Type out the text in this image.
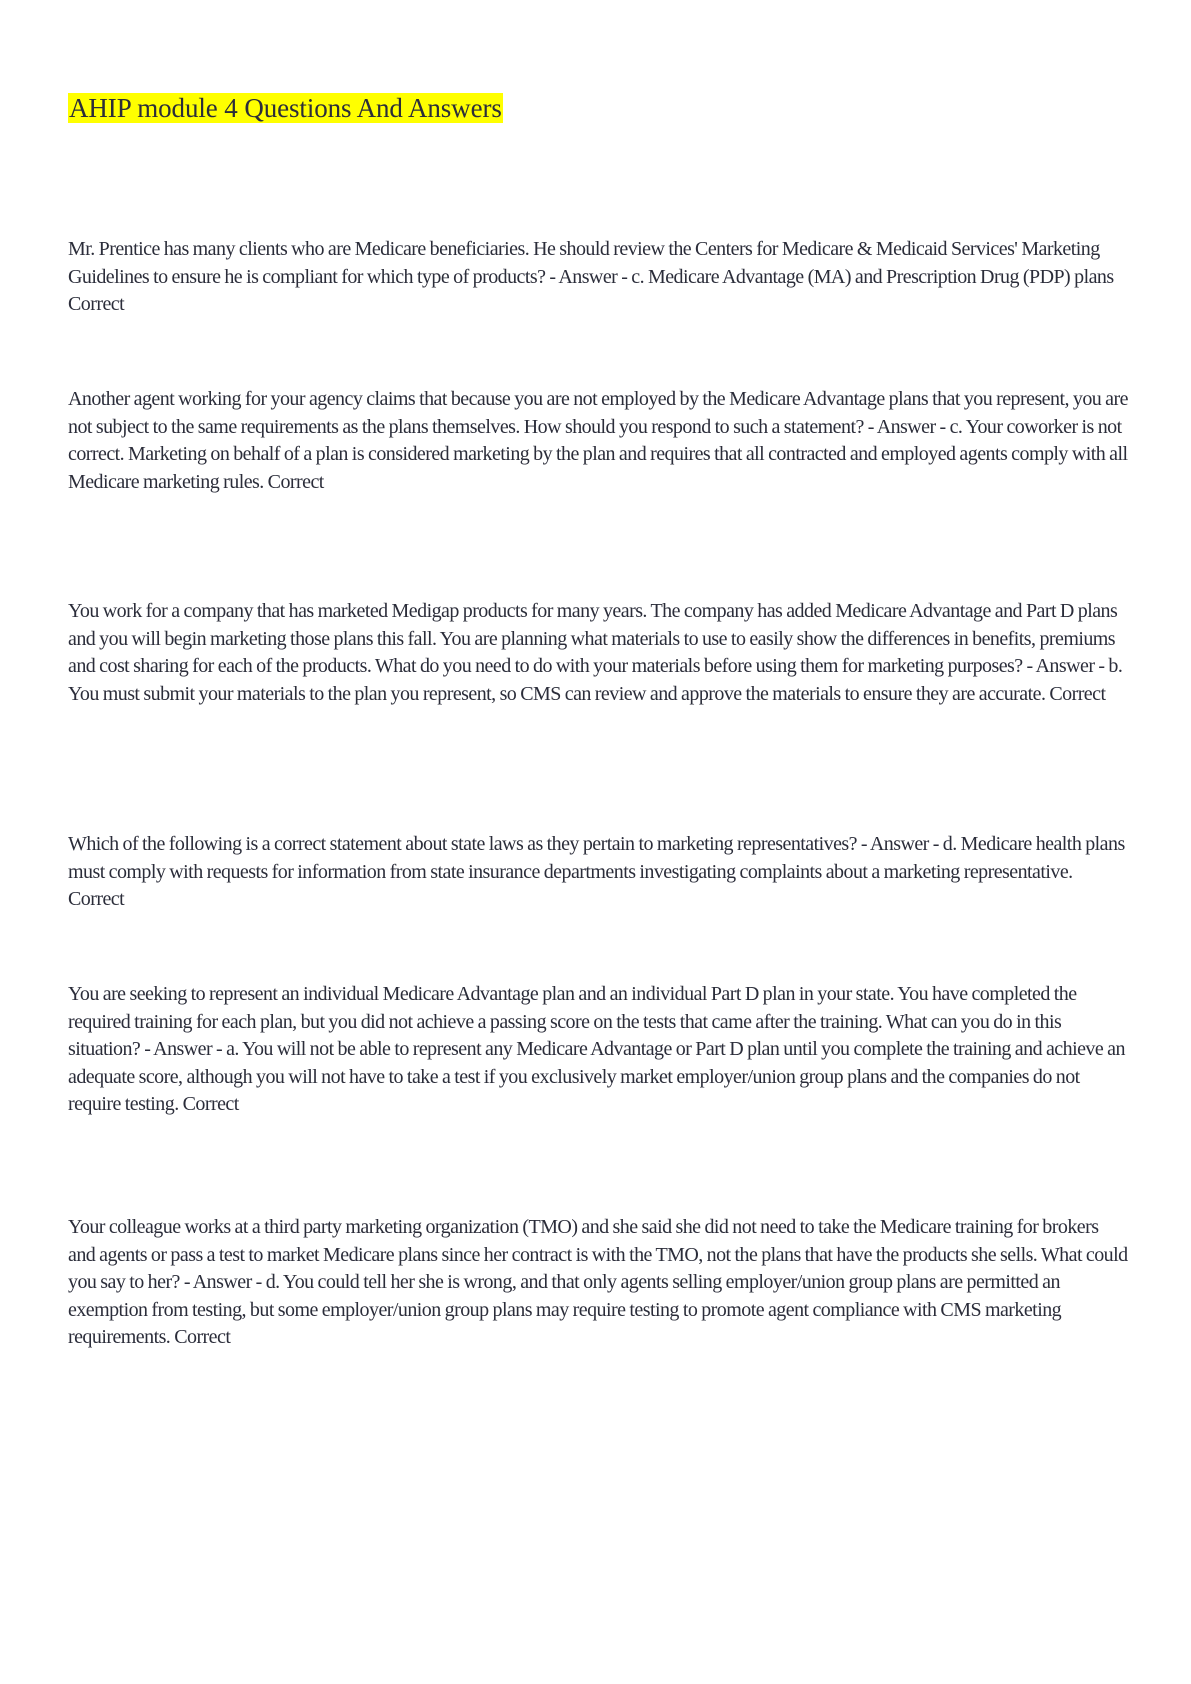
AHIP module 4 Questions And Answers

Mr. Prentice has many clients who are Medicare beneficiaries. He should review the Centers for Medicare & Medicaid Services' Marketing Guidelines to ensure he is compliant for which type of products? - Answer - c. Medicare Advantage (MA) and Prescription Drug (PDP) plans Correct

Another agent working for your agency claims that because you are not employed by the Medicare Advantage plans that you represent, you are not subject to the same requirements as the plans themselves. How should you respond to such a statement? - Answer - c. Your coworker is not correct. Marketing on behalf of a plan is considered marketing by the plan and requires that all contracted and employed agents comply with all Medicare marketing rules. Correct

You work for a company that has marketed Medigap products for many years. The company has added Medicare Advantage and Part D plans and you will begin marketing those plans this fall. You are planning what materials to use to easily show the differences in benefits, premiums and cost sharing for each of the products. What do you need to do with your materials before using them for marketing purposes? - Answer - b. You must submit your materials to the plan you represent, so CMS can review and approve the materials to ensure they are accurate. Correct

Which of the following is a correct statement about state laws as they pertain to marketing representatives? - Answer - d. Medicare health plans must comply with requests for information from state insurance departments investigating complaints about a marketing representative. Correct

You are seeking to represent an individual Medicare Advantage plan and an individual Part D plan in your state. You have completed the required training for each plan, but you did not achieve a passing score on the tests that came after the training. What can you do in this situation? - Answer - a. You will not be able to represent any Medicare Advantage or Part D plan until you complete the training and achieve an adequate score, although you will not have to take a test if you exclusively market employer/union group plans and the companies do not require testing. Correct

Your colleague works at a third party marketing organization (TMO) and she said she did not need to take the Medicare training for brokers and agents or pass a test to market Medicare plans since her contract is with the TMO, not the plans that have the products she sells. What could you say to her? - Answer - d. You could tell her she is wrong, and that only agents selling employer/union group plans are permitted an exemption from testing, but some employer/union group plans may require testing to promote agent compliance with CMS marketing requirements. Correct
